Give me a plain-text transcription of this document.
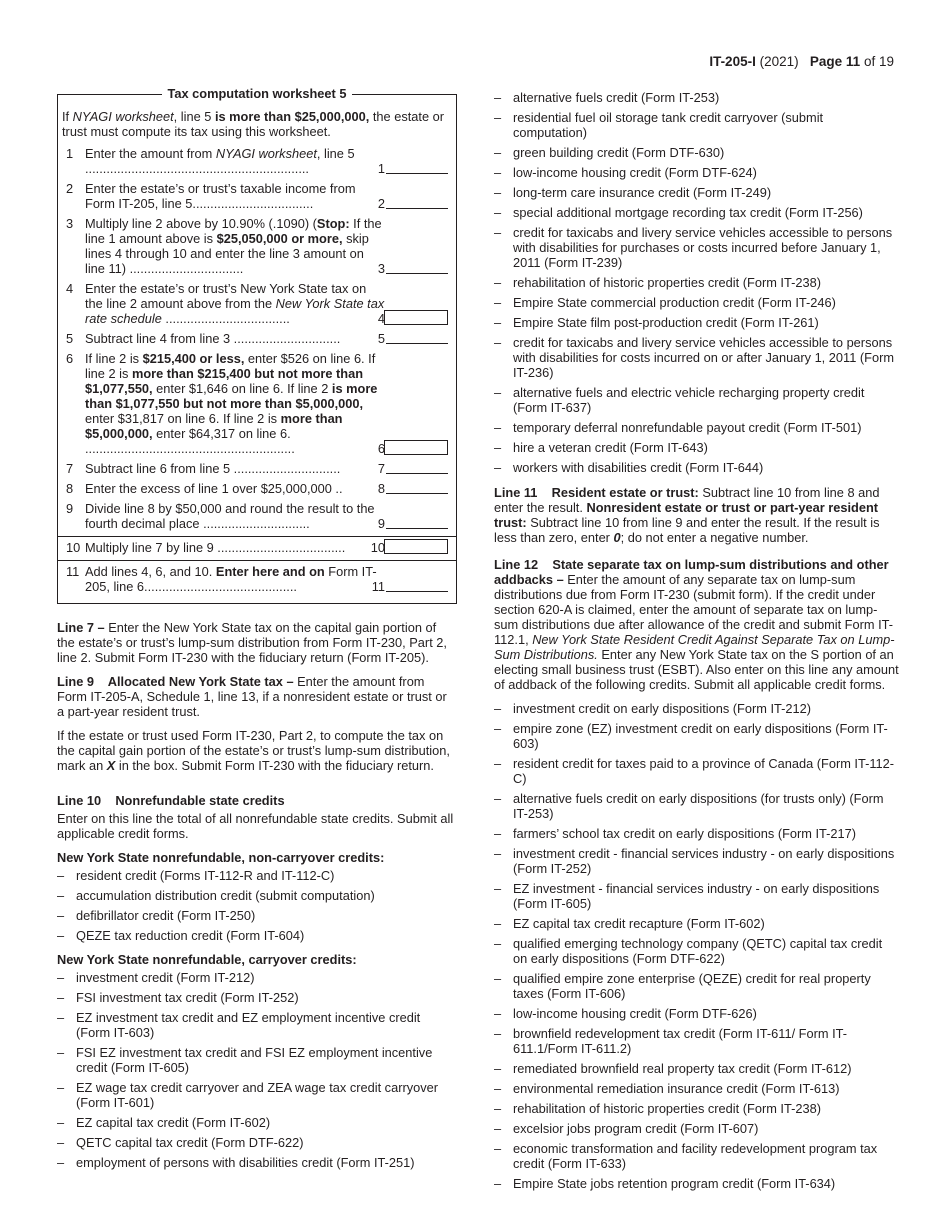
IT-205-I (2021) Page 11 of 19
Tax computation worksheet 5

If NYAGI worksheet, line 5 is more than $25,000,000, the estate or trust must compute its tax using this worksheet.

1 Enter the amount from NYAGI worksheet, line 5 ...............................................................	1
2 Enter the estate’s or trust’s taxable income from Form IT-205, line 5..................................	2
3 Multiply line 2 above by 10.90% (.1090) (Stop: If the line 1 amount above is $25,050,000 or more, skip lines 4 through 10 and enter the line 3 amount on line 11) ................................	3
4 Enter the estate’s or trust’s New York State tax on the line 2 amount above from the New York State tax rate schedule ...................................	4
5 Subtract line 4 from line 3 ..............................	5
6 If line 2 is $215,400 or less, enter $526 on line 6. If line 2 is more than $215,400 but not more than $1,077,550, enter $1,646 on line 6. If line 2 is more than $1,077,550 but not more than $5,000,000, enter $31,817 on line 6. If line 2 is more than $5,000,000, enter $64,317 on line 6. ...........................................................	6
7 Subtract line 6 from line 5 ..............................	7
8 Enter the excess of line 1 over $25,000,000 ..	8
9 Divide line 8 by $50,000 and round the result to the fourth decimal place ..............................	9
10 Multiply line 7 by line 9 ....................................	10
11 Add lines 4, 6, and 10. Enter here and on Form IT-205, line 6...........................................	11

Line 7 – Enter the New York State tax on the capital gain portion of the estate’s or trust’s lump-sum distribution from Form IT-230, Part 2, line 2. Submit Form IT-230 with the fiduciary return (Form IT-205).

Line 9    Allocated New York State tax – Enter the amount from Form IT-205-A, Schedule 1, line 13, if a nonresident estate or trust or a part-year resident trust.

If the estate or trust used Form IT-230, Part 2, to compute the tax on the capital gain portion of the estate’s or trust’s lump-sum distribution, mark an X in the box. Submit Form IT-230 with the fiduciary return.

Line 10    Nonrefundable state credits

Enter on this line the total of all nonrefundable state credits. Submit all applicable credit forms.

New York State nonrefundable, non-carryover credits:
– resident credit (Forms IT-112-R and IT-112-C)
– accumulation distribution credit (submit computation)
– defibrillator credit (Form IT-250)
– QEZE tax reduction credit (Form IT-604)
New York State nonrefundable, carryover credits:
– investment credit (Form IT-212)
– FSI investment tax credit (Form IT-252)
– EZ investment tax credit and EZ employment incentive credit (Form IT-603)
– FSI EZ investment tax credit and FSI EZ employment incentive credit (Form IT-605)
– EZ wage tax credit carryover and ZEA wage tax credit carryover (Form IT-601)
– EZ capital tax credit (Form IT-602)
– QETC capital tax credit (Form DTF-622)
– employment of persons with disabilities credit (Form IT-251)
– alternative fuels credit (Form IT-253)
– residential fuel oil storage tank credit carryover (submit computation)
– green building credit (Form DTF-630)
– low-income housing credit (Form DTF-624)
– long-term care insurance credit (Form IT-249)
– special additional mortgage recording tax credit (Form IT-256)
– credit for taxicabs and livery service vehicles accessible to persons with disabilities for purchases or costs incurred before January 1, 2011 (Form IT-239)
– rehabilitation of historic properties credit (Form IT-238)
– Empire State commercial production credit (Form IT-246)
– Empire State film post-production credit (Form IT-261)
– credit for taxicabs and livery service vehicles accessible to persons with disabilities for costs incurred on or after January 1, 2011 (Form IT-236)
– alternative fuels and electric vehicle recharging property credit (Form IT-637)
– temporary deferral nonrefundable payout credit (Form IT-501)
– hire a veteran credit (Form IT-643)
– workers with disabilities credit (Form IT-644)

Line 11    Resident estate or trust: Subtract line 10 from line 8 and enter the result. Nonresident estate or trust or part-year resident trust: Subtract line 10 from line 9 and enter the result. If the result is less than zero, enter 0; do not enter a negative number.

Line 12    State separate tax on lump-sum distributions and other addbacks – Enter the amount of any separate tax on lump-sum distributions due from Form IT-230 (submit form). If the credit under section 620-A is claimed, enter the amount of separate tax on lump-sum distributions due after allowance of the credit and submit Form IT-112.1, New York State Resident Credit Against Separate Tax on Lump-Sum Distributions. Enter any New York State tax on the S portion of an electing small business trust (ESBT). Also enter on this line any amount of addback of the following credits. Submit all applicable credit forms.

– investment credit on early dispositions (Form IT-212)
– empire zone (EZ) investment credit on early dispositions (Form IT-603)
– resident credit for taxes paid to a province of Canada (Form IT-112-C)
– alternative fuels credit on early dispositions (for trusts only) (Form IT-253)
– farmers’ school tax credit on early dispositions (Form IT-217)
– investment credit - financial services industry - on early dispositions (Form IT-252)
– EZ investment - financial services industry - on early dispositions (Form IT-605)
– EZ capital tax credit recapture (Form IT-602)
– qualified emerging technology company (QETC) capital tax credit on early dispositions (Form DTF-622)
– qualified empire zone enterprise (QEZE) credit for real property taxes (Form IT-606)
– low-income housing credit (Form DTF-626)
– brownfield redevelopment tax credit (Form IT-611/ Form IT-611.1/Form IT-611.2)
– remediated brownfield real property tax credit (Form IT-612)
– environmental remediation insurance credit (Form IT-613)
– rehabilitation of historic properties credit (Form IT-238)
– excelsior jobs program credit (Form IT-607)
– economic transformation and facility redevelopment program tax credit (Form IT-633)
– Empire State jobs retention program credit (Form IT-634)
